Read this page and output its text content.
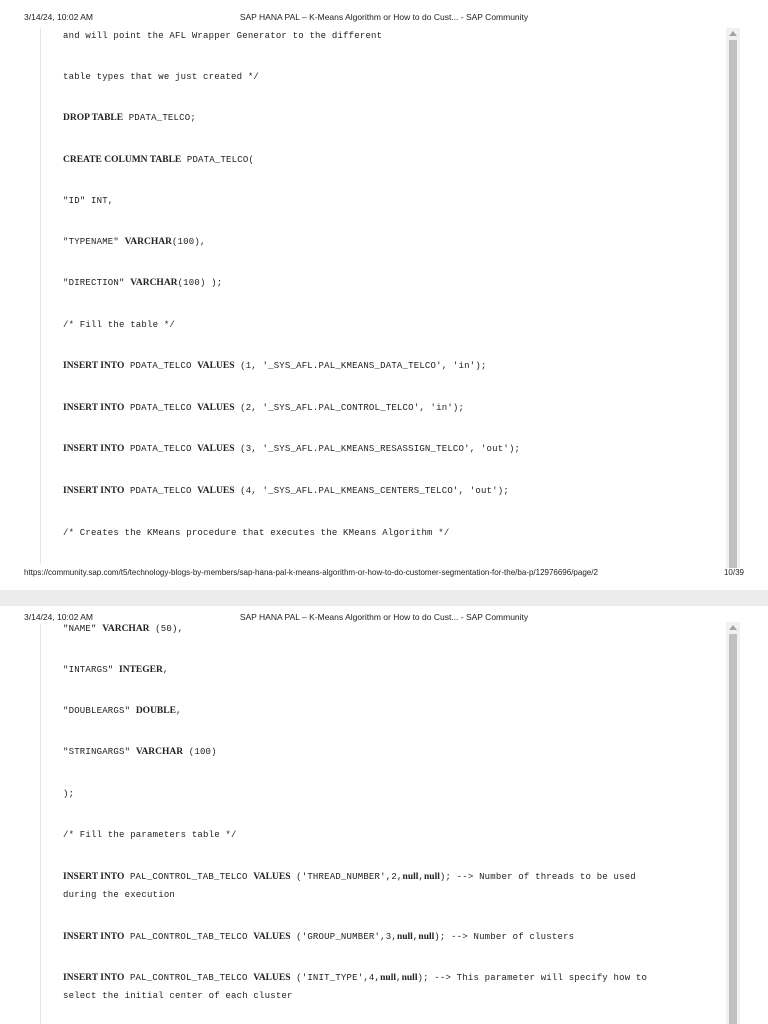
3/14/24, 10:02 AM	SAP HANA PAL – K-Means Algorithm or How to do Cust... - SAP Community
and will point the AFL Wrapper Generator to the different
table types that we just created */
DROP TABLE PDATA_TELCO;
CREATE COLUMN TABLE PDATA_TELCO(
"ID" INT,
"TYPENAME" VARCHAR(100),
"DIRECTION" VARCHAR(100) );
/* Fill the table */
INSERT INTO PDATA_TELCO VALUES (1, '_SYS_AFL.PAL_KMEANS_DATA_TELCO', 'in');
INSERT INTO PDATA_TELCO VALUES (2, '_SYS_AFL.PAL_CONTROL_TELCO', 'in');
INSERT INTO PDATA_TELCO VALUES (3, '_SYS_AFL.PAL_KMEANS_RESASSIGN_TELCO', 'out');
INSERT INTO PDATA_TELCO VALUES (4, '_SYS_AFL.PAL_KMEANS_CENTERS_TELCO', 'out');
/* Creates the KMeans procedure that executes the KMeans Algorithm */
https://community.sap.com/t5/technology-blogs-by-members/sap-hana-pal-k-means-algorithm-or-how-to-do-customer-segmentation-for-the/ba-p/12976696/page/2	10/39
3/14/24, 10:02 AM	SAP HANA PAL – K-Means Algorithm or How to do Cust... - SAP Community
"NAME" VARCHAR (50),
"INTARGS" INTEGER,
"DOUBLEARGS" DOUBLE,
"STRINGARGS" VARCHAR (100)
);
/* Fill the parameters table */
INSERT INTO PAL_CONTROL_TAB_TELCO VALUES ('THREAD_NUMBER',2,null,null); --> Number of threads to be used
during the execution
INSERT INTO PAL_CONTROL_TAB_TELCO VALUES ('GROUP_NUMBER',3,null,null); --> Number of clusters
INSERT INTO PAL_CONTROL_TAB_TELCO VALUES ('INIT_TYPE',4,null,null); --> This parameter will specify how to
select the initial center of each cluster
